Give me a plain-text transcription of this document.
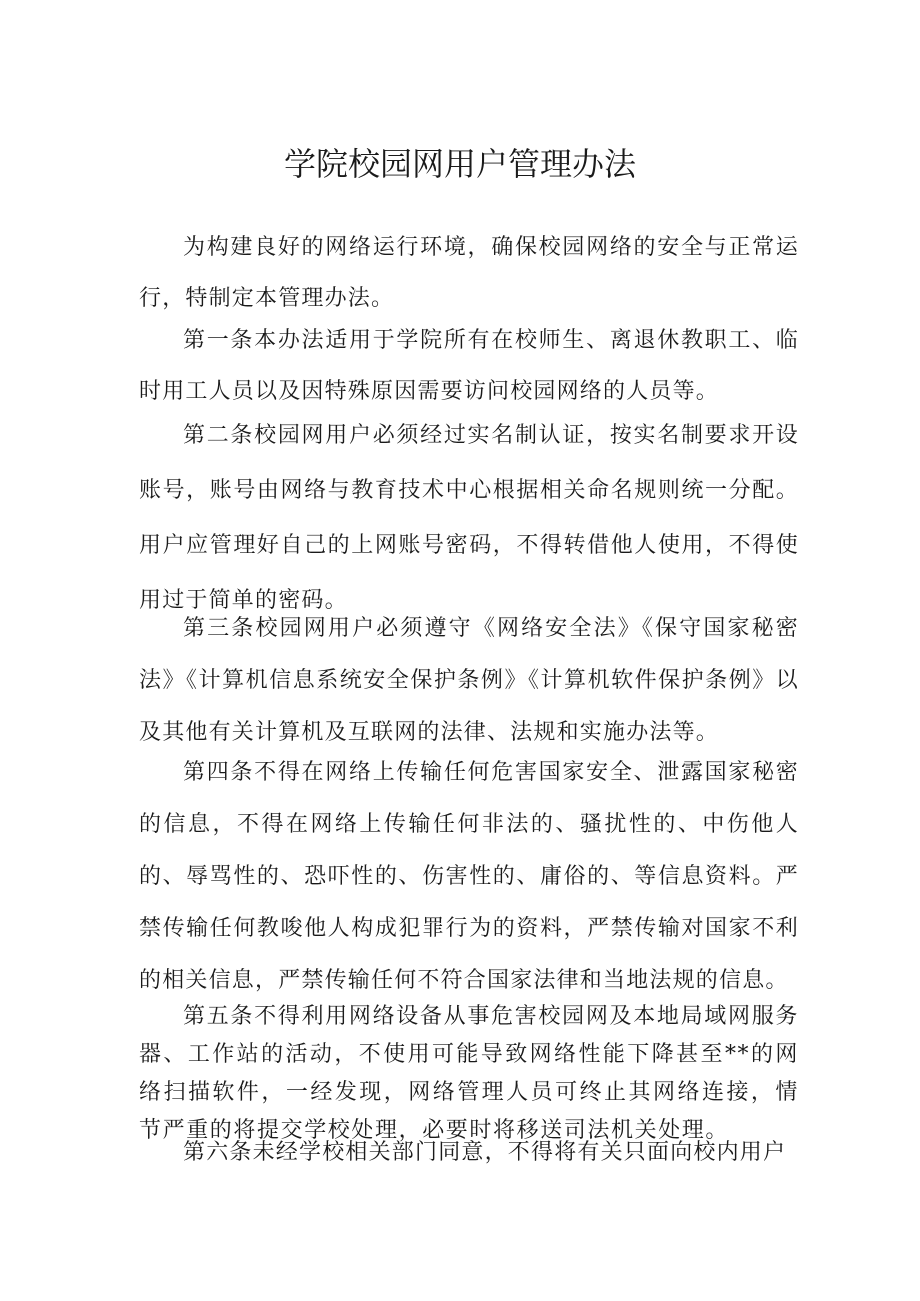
学院校园网用户管理办法

为构建良好的网络运行环境，确保校园网络的安全与正常运行，特制定本管理办法。

第一条本办法适用于学院所有在校师生、离退休教职工、临时用工人员以及因特殊原因需要访问校园网络的人员等。

第二条校园网用户必须经过实名制认证，按实名制要求开设账号，账号由网络与教育技术中心根据相关命名规则统一分配。用户应管理好自己的上网账号密码，不得转借他人使用，不得使用过于简单的密码。

第三条校园网用户必须遵守《网络安全法》《保守国家秘密法》《计算机信息系统安全保护条例》《计算机软件保护条例》以及其他有关计算机及互联网的法律、法规和实施办法等。

第四条不得在网络上传输任何危害国家安全、泄露国家秘密的信息，不得在网络上传输任何非法的、骚扰性的、中伤他人的、辱骂性的、恐吓性的、伤害性的、庸俗的、等信息资料。严禁传输任何教唆他人构成犯罪行为的资料，严禁传输对国家不利的相关信息，严禁传输任何不符合国家法律和当地法规的信息。

第五条不得利用网络设备从事危害校园网及本地局域网服务器、工作站的活动，不使用可能导致网络性能下降甚至**的网络扫描软件，一经发现，网络管理人员可终止其网络连接，情节严重的将提交学校处理，必要时将移送司法机关处理。

第六条未经学校相关部门同意，不得将有关只面向校内用户
